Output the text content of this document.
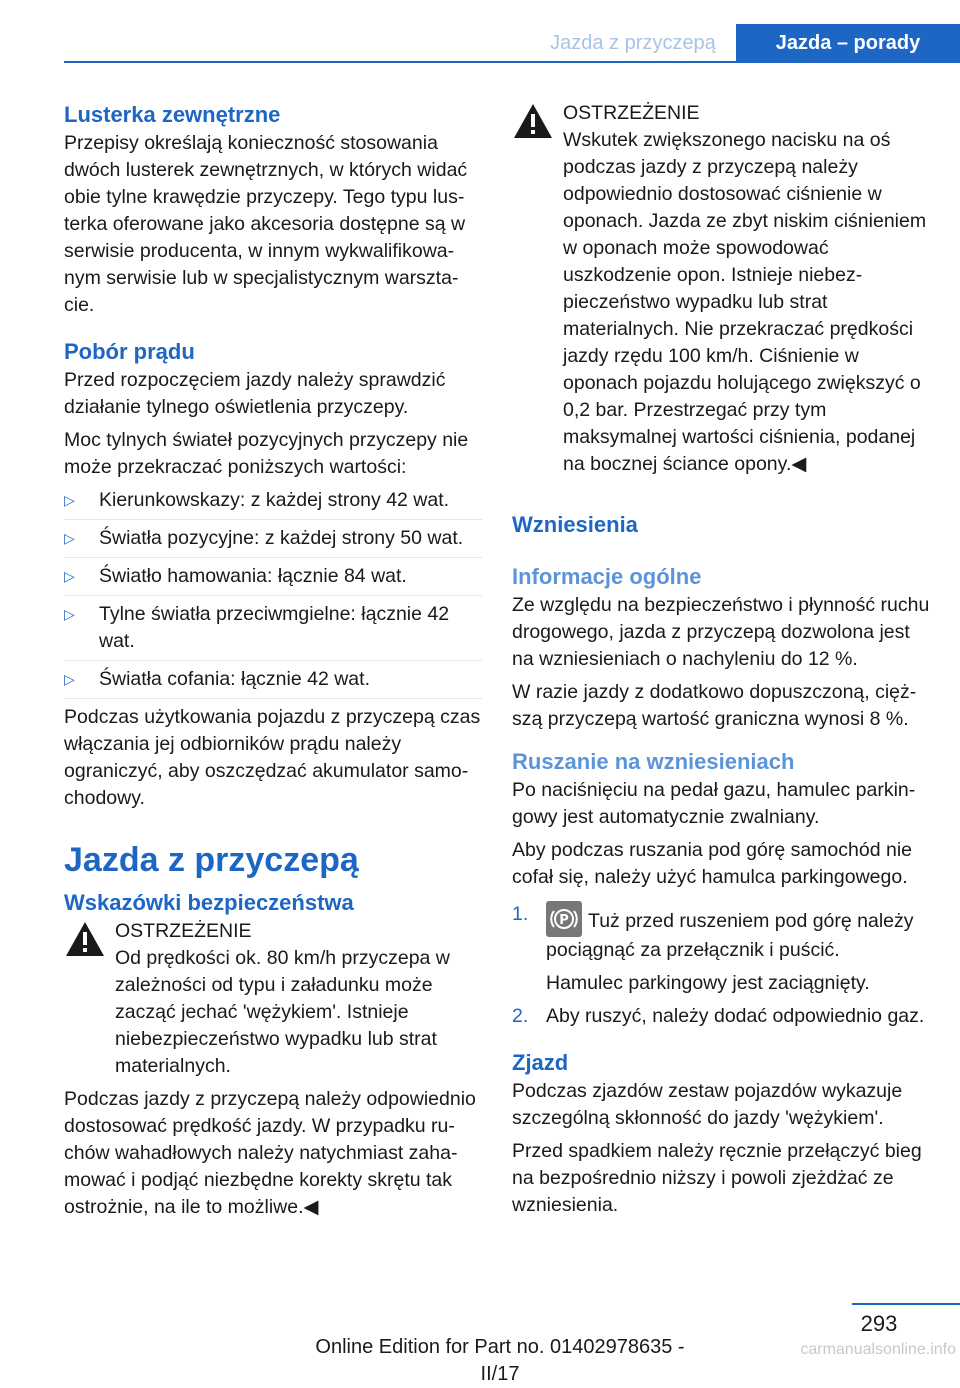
Jazda z przyczepą	Jazda – porady
Lusterka zewnętrzne

Przepisy określają konieczność stosowania dwóch lusterek zewnętrznych, w których widać obie tylne krawędzie przyczepy. Tego typu lusterka oferowane jako akcesoria dostępne są w serwisie producenta, w innym wykwalifikowanym serwisie lub w specjalistycznym warsztacie.

Pobór prądu

Przed rozpoczęciem jazdy należy sprawdzić działanie tylnego oświetlenia przyczepy.

Moc tylnych świateł pozycyjnych przyczepy nie może przekraczać poniższych wartości:

▷ Kierunkowskazy: z każdej strony 42 wat.
▷ Światła pozycyjne: z każdej strony 50 wat.
▷ Światło hamowania: łącznie 84 wat.
▷ Tylne światła przeciwmgielne: łącznie 42 wat.
▷ Światła cofania: łącznie 42 wat.

Podczas użytkowania pojazdu z przyczepą czas włączania jej odbiorników prądu należy ograniczyć, aby oszczędzać akumulator samochodowy.

Jazda z przyczepą
Wskazówki bezpieczeństwa
OSTRZEŻENIE
Od prędkości ok. 80 km/h przyczepa w zależności od typu i załadunku może zacząć jechać 'wężykiem'. Istnieje niebezpieczeństwo wypadku lub strat materialnych.

Podczas jazdy z przyczepą należy odpowiednio dostosować prędkość jazdy. W przypadku ruchów wahadłowych należy natychmiast zahamować i podjąć niezbędne korekty skrętu tak ostrożnie, na ile to możliwe.◀

OSTRZEŻENIE
Wskutek zwiększonego nacisku na oś podczas jazdy z przyczepą należy odpowiednio dostosować ciśnienie w oponach. Jazda ze zbyt niskim ciśnieniem w oponach może spowodować uszkodzenie opon. Istnieje niebezpieczeństwo wypadku lub strat materialnych. Nie przekraczać prędkości jazdy rzędu 100 km/h. Ciśnienie w oponach pojazdu holującego zwiększyć o 0,2 bar. Przestrzegać przy tym maksymalnej wartości ciśnienia, podanej na bocznej ściance opony.◀
Wzniesienia
Informacje ogólne

Ze względu na bezpieczeństwo i płynność ruchu drogowego, jazda z przyczepą dozwolona jest na wzniesieniach o nachyleniu do 12 %.

W razie jazdy z dodatkowo dopuszczoną, cięższą przyczepą wartość graniczna wynosi 8 %.

Ruszanie na wzniesieniach

Po naciśnięciu na pedał gazu, hamulec parkingowy jest automatycznie zwalniany.

Aby podczas ruszania pod górę samochód nie cofał się, należy użyć hamulca parkingowego.

1. P Tuż przed ruszeniem pod górę należy pociągnąć za przełącznik i puścić.
Hamulec parkingowy jest zaciągnięty.
2. Aby ruszyć, należy dodać odpowiednio gaz.
Zjazd

Podczas zjazdów zestaw pojazdów wykazuje szczególną skłonność do jazdy 'wężykiem'.

Przed spadkiem należy ręcznie przełączyć bieg na bezpośrednio niższy i powoli zjeżdżać ze wzniesienia.

293
Online Edition for Part no. 01402978635 - II/17
carmanualsonline.info
